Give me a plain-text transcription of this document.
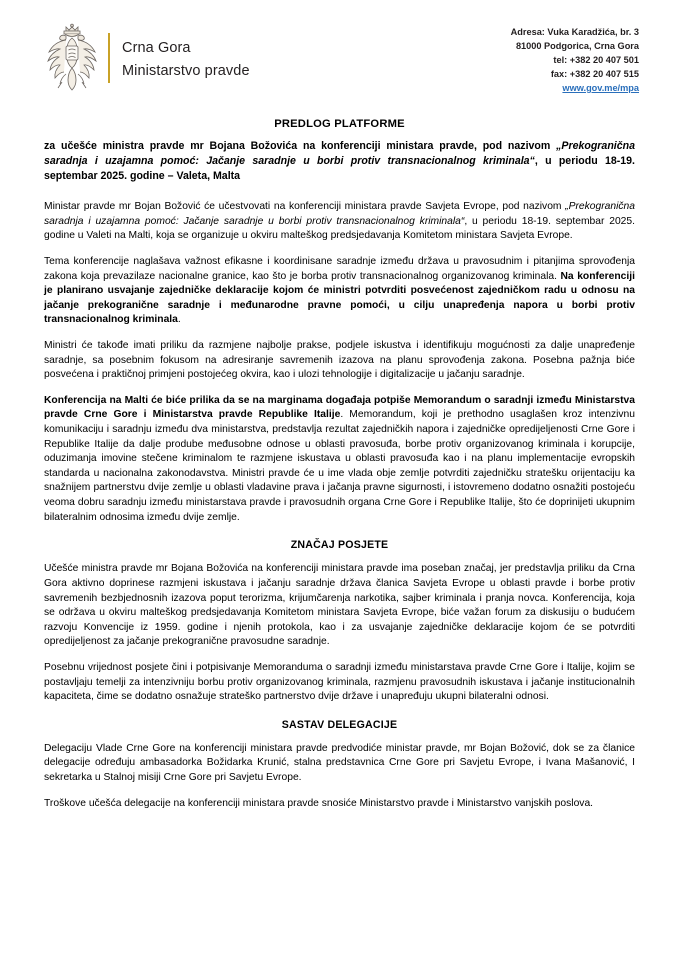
Crna Gora
Ministarstvo pravde
Adresa: Vuka Karadžića, br. 3
81000 Podgorica, Crna Gora
tel: +382 20 407 501
fax: +382 20 407 515
www.gov.me/mpa
PREDLOG PLATFORME
za učešće ministra pravde mr Bojana Božovića na konferenciji ministara pravde, pod nazivom „Prekogranična saradnja i uzajamna pomoć: Jačanje saradnje u borbi protiv transnacionalnog kriminala“, u periodu 18-19. septembar 2025. godine – Valeta, Malta

Ministar pravde mr Bojan Božović će učestvovati na konferenciji ministara pravde Savjeta Evrope, pod nazivom „Prekogranična saradnja i uzajamna pomoć: Jačanje saradnje u borbi protiv transnacionalnog kriminala“, u periodu 18-19. septembar 2025. godine u Valeti na Malti, koja se organizuje u okviru malteškog predsjedavanja Komitetom ministara Savjeta Evrope.

Tema konferencije naglašava važnost efikasne i koordinisane saradnje između država u pravosudnim i pitanjima sprovođenja zakona koja prevazilaze nacionalne granice, kao što je borba protiv transnacionalnog organizovanog kriminala. Na konferenciji je planirano usvajanje zajedničke deklaracije kojom će ministri potvrditi posvećenost zajedničkom radu u odnosu na jačanje prekogranične saradnje i međunarodne pravne pomoći, u cilju unapređenja napora u borbi protiv transnacionalnog kriminala.

Ministri će takođe imati priliku da razmjene najbolje prakse, podjele iskustva i identifikuju mogućnosti za dalje unapređenje saradnje, sa posebnim fokusom na adresiranje savremenih izazova na planu sprovođenja zakona. Posebna pažnja biće posvećena i praktičnoj primjeni postojećeg okvira, kao i ulozi tehnologije i digitalizacije u jačanju saradnje.

Konferencija na Malti će biće prilika da se na marginama događaja potpiše Memorandum o saradnji između Ministarstva pravde Crne Gore i Ministarstva pravde Republike Italije. Memorandum, koji je prethodno usaglašen kroz intenzivnu komunikaciju i saradnju između dva ministarstva, predstavlja rezultat zajedničkih napora i zajedničke opredijeljenosti Crne Gore i Republike Italije da dalje prodube međusobne odnose u oblasti pravosuđa, borbe protiv organizovanog kriminala i korupcije, oduzimanja imovine stečene kriminalom te razmjene iskustava u oblasti pravosuđa kao i na planu implementacije evropskih standarda u nacionalna zakonodavstva. Ministri pravde će u ime vlada obje zemlje potvrditi zajedničku stratešku orijentaciju ka snažnijem partnerstvu dvije zemlje u oblasti vladavine prava i jačanja pravne sigurnosti, i istovremeno dodatno osnažiti postojeću veoma dobru saradnju između ministarstava pravde i pravosudnih organa Crne Gore i Republike Italije, što će doprinijeti ukupnim bilateralnim odnosima između dvije zemlje.

ZNAČAJ POSJETE

Učešće ministra pravde mr Bojana Božovića na konferenciji ministara pravde ima poseban značaj, jer predstavlja priliku da Crna Gora aktivno doprinese razmjeni iskustava i jačanju saradnje država članica Savjeta Evrope u oblasti pravde i borbe protiv savremenih bezbjednosnih izazova poput terorizma, krijumčarenja narkotika, sajber kriminala i pranja novca. Konferencija, koja se održava u okviru malteškog predsjedavanja Komitetom ministara Savjeta Evrope, biće važan forum za diskusiju o budućem razvoju Konvencije iz 1959. godine i njenih protokola, kao i za usvajanje zajedničke deklaracije kojom će se potvrditi opredijeljenost za jačanje prekogranične pravosudne saradnje.

Posebnu vrijednost posjete čini i potpisivanje Memoranduma o saradnji između ministarstava pravde Crne Gore i Italije, kojim se postavljaju temelji za intenzivniju borbu protiv organizovanog kriminala, razmjenu pravosudnih iskustava i jačanje institucionalnih kapaciteta, čime se dodatno osnažuje strateško partnerstvo dvije države i unapređuju ukupni bilateralni odnosi.

SASTAV DELEGACIJE

Delegaciju Vlade Crne Gore na konferenciji ministara pravde predvodiće ministar pravde, mr Bojan Božović, dok se za članice delegacije određuju ambasadorka Božidarka Krunić, stalna predstavnica Crne Gore pri Savjetu Evrope, i Ivana Mašanović, I sekretarka u Stalnoj misiji Crne Gore pri Savjetu Evrope.

Troškove učešća delegacije na konferenciji ministara pravde snosiće Ministarstvo pravde i Ministarstvo vanjskih poslova.
